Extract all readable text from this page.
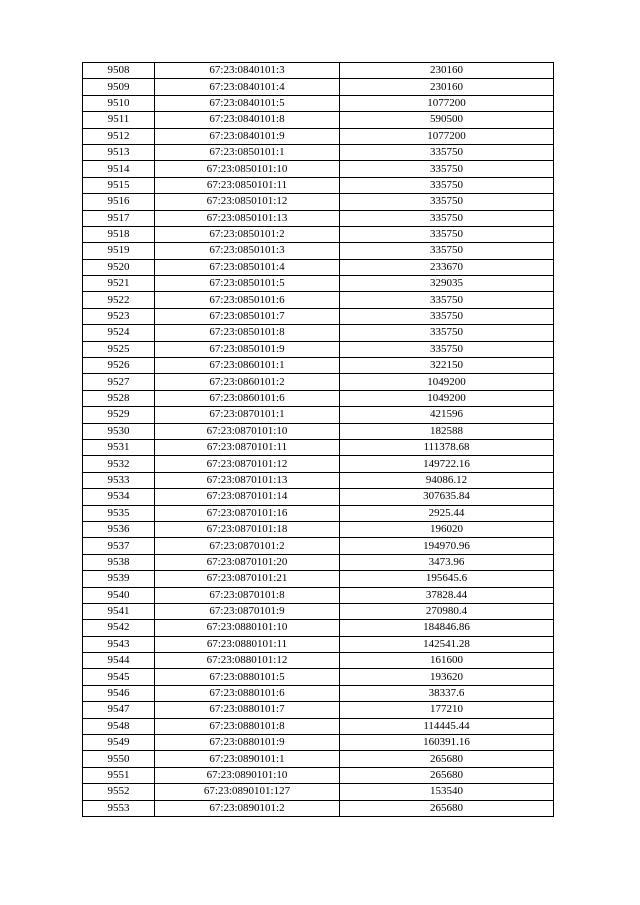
9508	67:23:0840101:3	230160
9509	67:23:0840101:4	230160
9510	67:23:0840101:5	1077200
9511	67:23:0840101:8	590500
9512	67:23:0840101:9	1077200
9513	67:23:0850101:1	335750
9514	67:23:0850101:10	335750
9515	67:23:0850101:11	335750
9516	67:23:0850101:12	335750
9517	67:23:0850101:13	335750
9518	67:23:0850101:2	335750
9519	67:23:0850101:3	335750
9520	67:23:0850101:4	233670
9521	67:23:0850101:5	329035
9522	67:23:0850101:6	335750
9523	67:23:0850101:7	335750
9524	67:23:0850101:8	335750
9525	67:23:0850101:9	335750
9526	67:23:0860101:1	322150
9527	67:23:0860101:2	1049200
9528	67:23:0860101:6	1049200
9529	67:23:0870101:1	421596
9530	67:23:0870101:10	182588
9531	67:23:0870101:11	111378.68
9532	67:23:0870101:12	149722.16
9533	67:23:0870101:13	94086.12
9534	67:23:0870101:14	307635.84
9535	67:23:0870101:16	2925.44
9536	67:23:0870101:18	196020
9537	67:23:0870101:2	194970.96
9538	67:23:0870101:20	3473.96
9539	67:23:0870101:21	195645.6
9540	67:23:0870101:8	37828.44
9541	67:23:0870101:9	270980.4
9542	67:23:0880101:10	184846.86
9543	67:23:0880101:11	142541.28
9544	67:23:0880101:12	161600
9545	67:23:0880101:5	193620
9546	67:23:0880101:6	38337.6
9547	67:23:0880101:7	177210
9548	67:23:0880101:8	114445.44
9549	67:23:0880101:9	160391.16
9550	67:23:0890101:1	265680
9551	67:23:0890101:10	265680
9552	67:23:0890101:127	153540
9553	67:23:0890101:2	265680
